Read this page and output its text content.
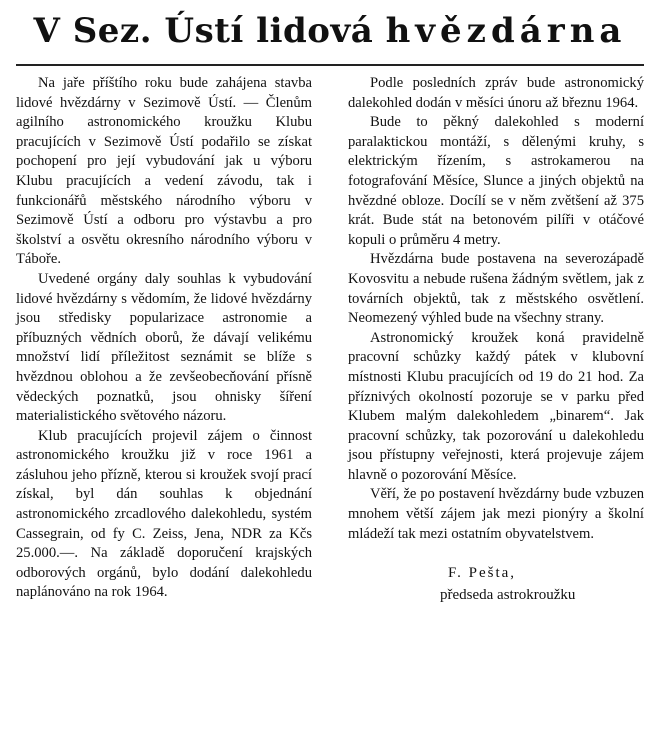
V Sez. Ústí lidová hvězdárna

Na jaře příštího roku bude zahájena stavba lidové hvězdárny v Sezimově Ústí. — Členům agilního astronomického kroužku Klubu pracujících v Sezimově Ústí podařilo se získat pochopení pro její vybudování jak u výboru Klubu pracujících a vedení závodu, tak i funkcionářů městského národního výboru v Sezimově Ústí a odboru pro výstavbu a pro školství a osvětu okresního národního výboru v Táboře.

Uvedené orgány daly souhlas k vybudování lidové hvězdárny s vědomím, že lidové hvězdárny jsou středisky popularizace astronomie a příbuzných vědních oborů, že dávají velikému množství lidí příležitost seznámit se blíže s hvězdnou oblohou a že zevšeobecňování přísně vědeckých poznatků, jsou ohnisky šíření materialistického světového názoru.

Klub pracujících projevil zájem o činnost astronomického kroužku již v roce 1961 a zásluhou jeho přízně, kterou si kroužek svojí prací získal, byl dán souhlas k objednání astronomického zrcadlového dalekohledu, systém Cassegrain, od fy C. Zeiss, Jena, NDR za Kčs 25.000.—. Na základě doporučení krajských odborových orgánů, bylo dodání dalekohledu naplánováno na rok 1964.

Podle posledních zpráv bude astronomický dalekohled dodán v měsíci únoru až březnu 1964.

Bude to pěkný dalekohled s moderní paralaktickou montáží, s dělenými kruhy, s elektrickým řízením, s astrokamerou na fotografování Měsíce, Slunce a jiných objektů na hvězdné obloze. Docílí se v něm zvětšení až 375 krát. Bude stát na betonovém pilíři v otáčové kopuli o průměru 4 metry.

Hvězdárna bude postavena na severozápadě Kovosvitu a nebude rušena žádným světlem, jak z továrních objektů, tak z městského osvětlení. Neomezený výhled bude na všechny strany.

Astronomický kroužek koná pravidelně pracovní schůzky každý pátek v klubovní místnosti Klubu pracujících od 19 do 21 hod. Za příznivých okolností pozoruje se v parku před Klubem malým dalekohledem „binarem“. Jak pracovní schůzky, tak pozorování u dalekohledu jsou přístupny veřejnosti, která projevuje zájem hlavně o pozorování Měsíce.

Věří, že po postavení hvězdárny bude vzbuzen mnohem větší zájem jak mezi pionýry a školní mládeží tak mezi ostatním obyvatelstvem.

F. Pešta,
předseda astrokroužku
